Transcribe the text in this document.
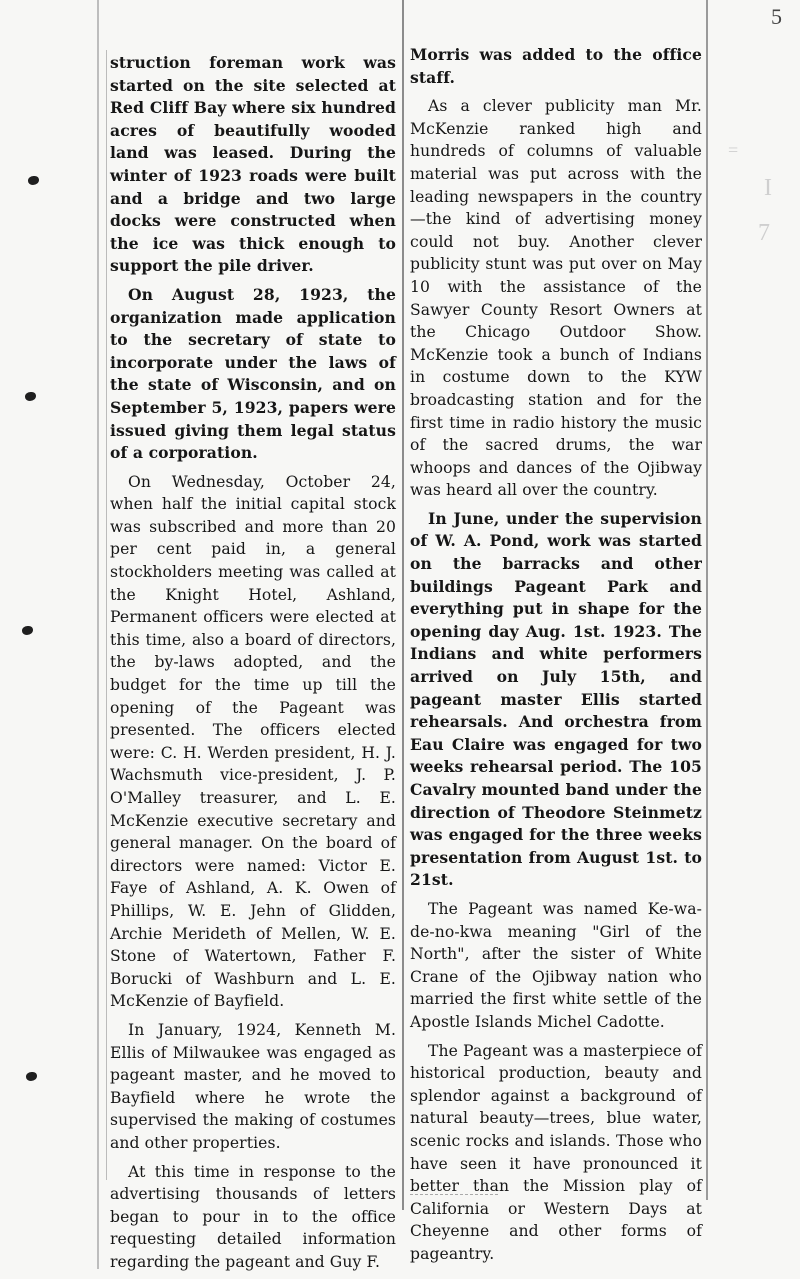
5
=
I
7

struction foreman work was started on the site selected at Red Cliff Bay where six hundred acres of beautifully wooded land was leased. During the winter of 1923 roads were built and a bridge and two large docks were constructed when the ice was thick enough to support the pile driver.

On August 28, 1923, the organization made application to the secretary of state to incorporate under the laws of the state of Wisconsin, and on September 5, 1923, papers were issued giving them legal status of a corporation.

On Wednesday, October 24, when half the initial capital stock was subscribed and more than 20 per cent paid in, a general stockholders meeting was called at the Knight Hotel, Ashland, Permanent officers were elected at this time, also a board of directors, the by-laws adopted, and the budget for the time up till the opening of the Pageant was presented. The officers elected were: C. H. Werden president, H. J. Wachsmuth vice-president, J. P. O'Malley treasurer, and L. E. McKenzie executive secretary and general manager. On the board of directors were named: Victor E. Faye of Ashland, A. K. Owen of Phillips, W. E. Jehn of Glidden, Archie Merideth of Mellen, W. E. Stone of Watertown, Father F. Borucki of Washburn and L. E. McKenzie of Bayfield.

In January, 1924, Kenneth M. Ellis of Milwaukee was engaged as pageant master, and he moved to Bayfield where he wrote the supervised the making of costumes and other properties.

At this time in response to the advertising thousands of letters began to pour in to the office requesting detailed information regarding the pageant and Guy F.

Morris was added to the office staff.

As a clever publicity man Mr. McKenzie ranked high and hundreds of columns of valuable material was put across with the leading newspapers in the country—the kind of advertising money could not buy. Another clever publicity stunt was put over on May 10 with the assistance of the Sawyer County Resort Owners at the Chicago Outdoor Show. McKenzie took a bunch of Indians in costume down to the KYW broadcasting station and for the first time in radio history the music of the sacred drums, the war whoops and dances of the Ojibway was heard all over the country.

In June, under the supervision of W. A. Pond, work was started on the barracks and other buildings Pageant Park and everything put in shape for the opening day Aug. 1st. 1923. The Indians and white performers arrived on July 15th, and pageant master Ellis started rehearsals. And orchestra from Eau Claire was engaged for two weeks rehearsal period. The 105 Cavalry mounted band under the direction of Theodore Steinmetz was engaged for the three weeks presentation from August 1st. to 21st.

The Pageant was named Ke-wa-de-no-kwa meaning "Girl of the North", after the sister of White Crane of the Ojibway nation who married the first white settle of the Apostle Islands Michel Cadotte.

The Pageant was a masterpiece of historical production, beauty and splendor against a background of natural beauty—trees, blue water, scenic rocks and islands. Those who have seen it have pronounced it better than the Mission play of California or Western Days at Cheyenne and other forms of pageantry.
